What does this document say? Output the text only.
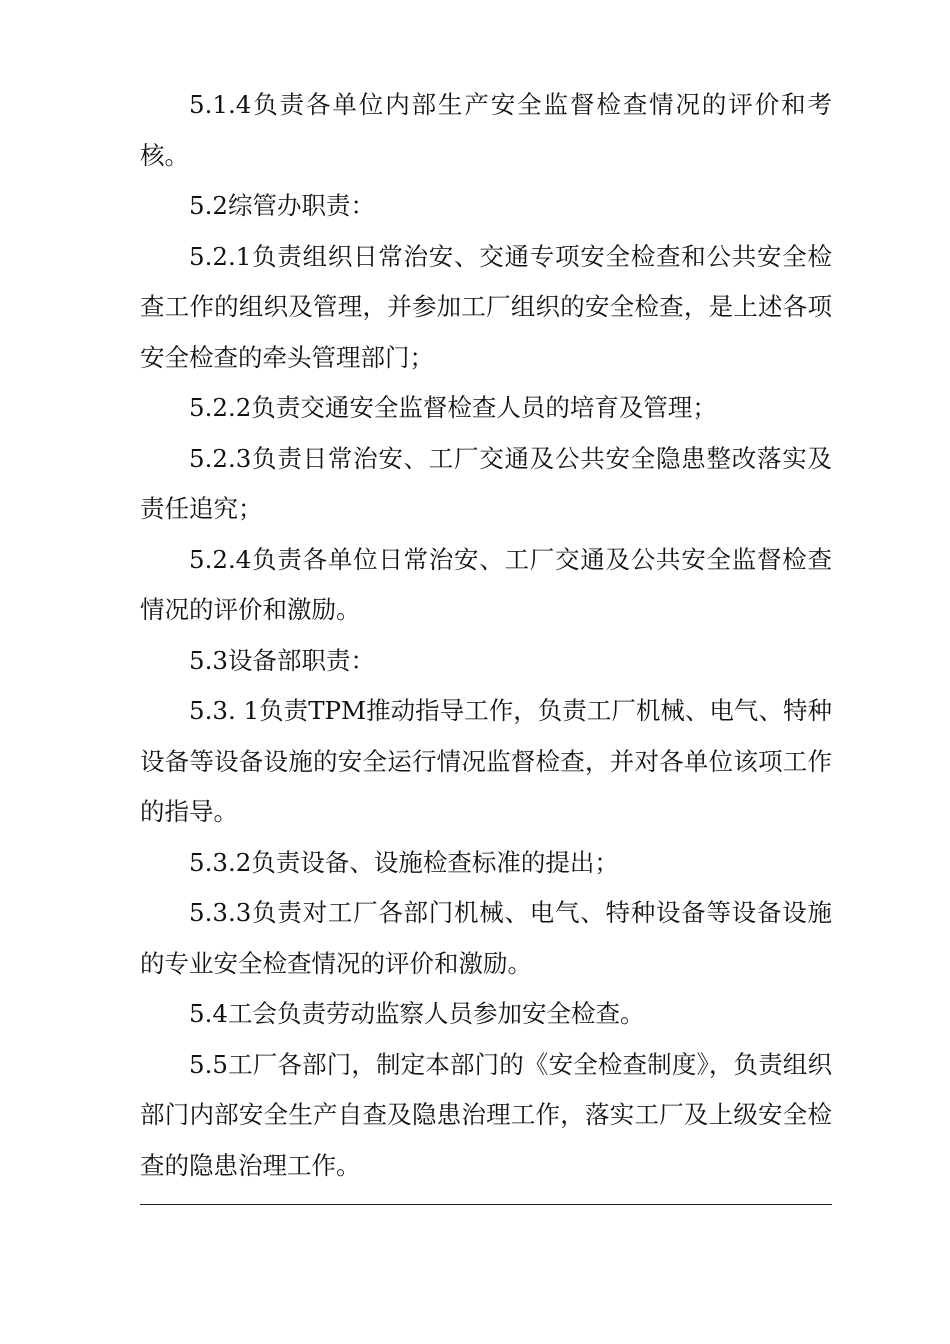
5.1.4负责各单位内部生产安全监督检查情况的评价和考核。

5.2综管办职责：

5.2.1负责组织日常治安、交通专项安全检查和公共安全检查工作的组织及管理，并参加工厂组织的安全检查，是上述各项安全检查的牵头管理部门；

5.2.2负责交通安全监督检查人员的培育及管理；

5.2.3负责日常治安、工厂交通及公共安全隐患整改落实及责任追究；

5.2.4负责各单位日常治安、工厂交通及公共安全监督检查情况的评价和激励。

5.3设备部职责：

5.3. 1负责TPM推动指导工作，负责工厂机械、电气、特种设备等设备设施的安全运行情况监督检查，并对各单位该项工作的指导。

5.3.2负责设备、设施检查标准的提出；

5.3.3负责对工厂各部门机械、电气、特种设备等设备设施的专业安全检查情况的评价和激励。

5.4工会负责劳动监察人员参加安全检查。

5.5工厂各部门，制定本部门的《安全检查制度》，负责组织部门内部安全生产自查及隐患治理工作，落实工厂及上级安全检查的隐患治理工作。
